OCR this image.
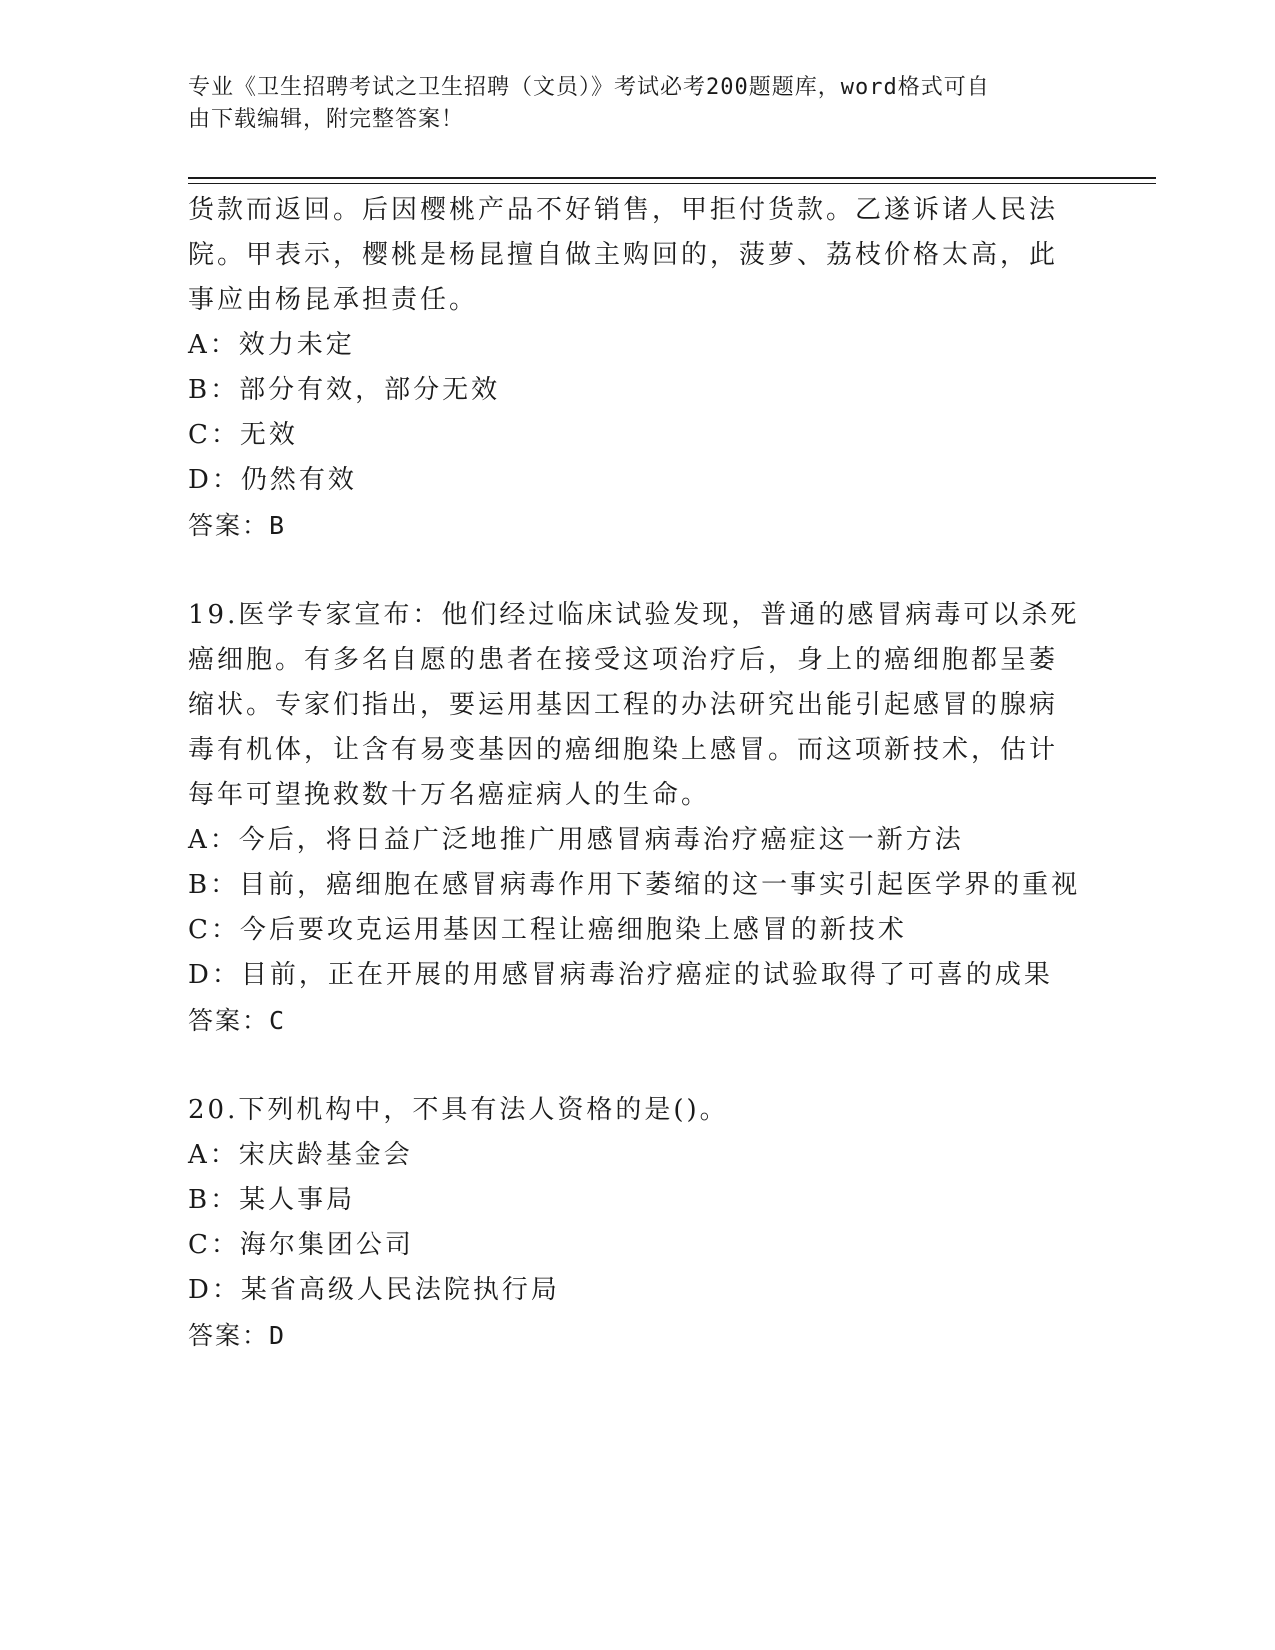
专业《卫生招聘考试之卫生招聘（文员）》考试必考200题题库，word格式可自
由下载编辑，附完整答案！

货款而返回。后因樱桃产品不好销售，甲拒付货款。乙遂诉诸人民法

院。甲表示，樱桃是杨昆擅自做主购回的，菠萝、荔枝价格太高，此

事应由杨昆承担责任。

A：效力未定

B：部分有效，部分无效

C：无效

D：仍然有效

答案：B

19.医学专家宣布：他们经过临床试验发现，普通的感冒病毒可以杀死

癌细胞。有多名自愿的患者在接受这项治疗后，身上的癌细胞都呈萎

缩状。专家们指出，要运用基因工程的办法研究出能引起感冒的腺病

毒有机体，让含有易变基因的癌细胞染上感冒。而这项新技术，估计

每年可望挽救数十万名癌症病人的生命。

A：今后，将日益广泛地推广用感冒病毒治疗癌症这一新方法

B：目前，癌细胞在感冒病毒作用下萎缩的这一事实引起医学界的重视

C：今后要攻克运用基因工程让癌细胞染上感冒的新技术

D：目前，正在开展的用感冒病毒治疗癌症的试验取得了可喜的成果

答案：C

20.下列机构中，不具有法人资格的是()。

A：宋庆龄基金会

B：某人事局

C：海尔集团公司

D：某省高级人民法院执行局

答案：D
